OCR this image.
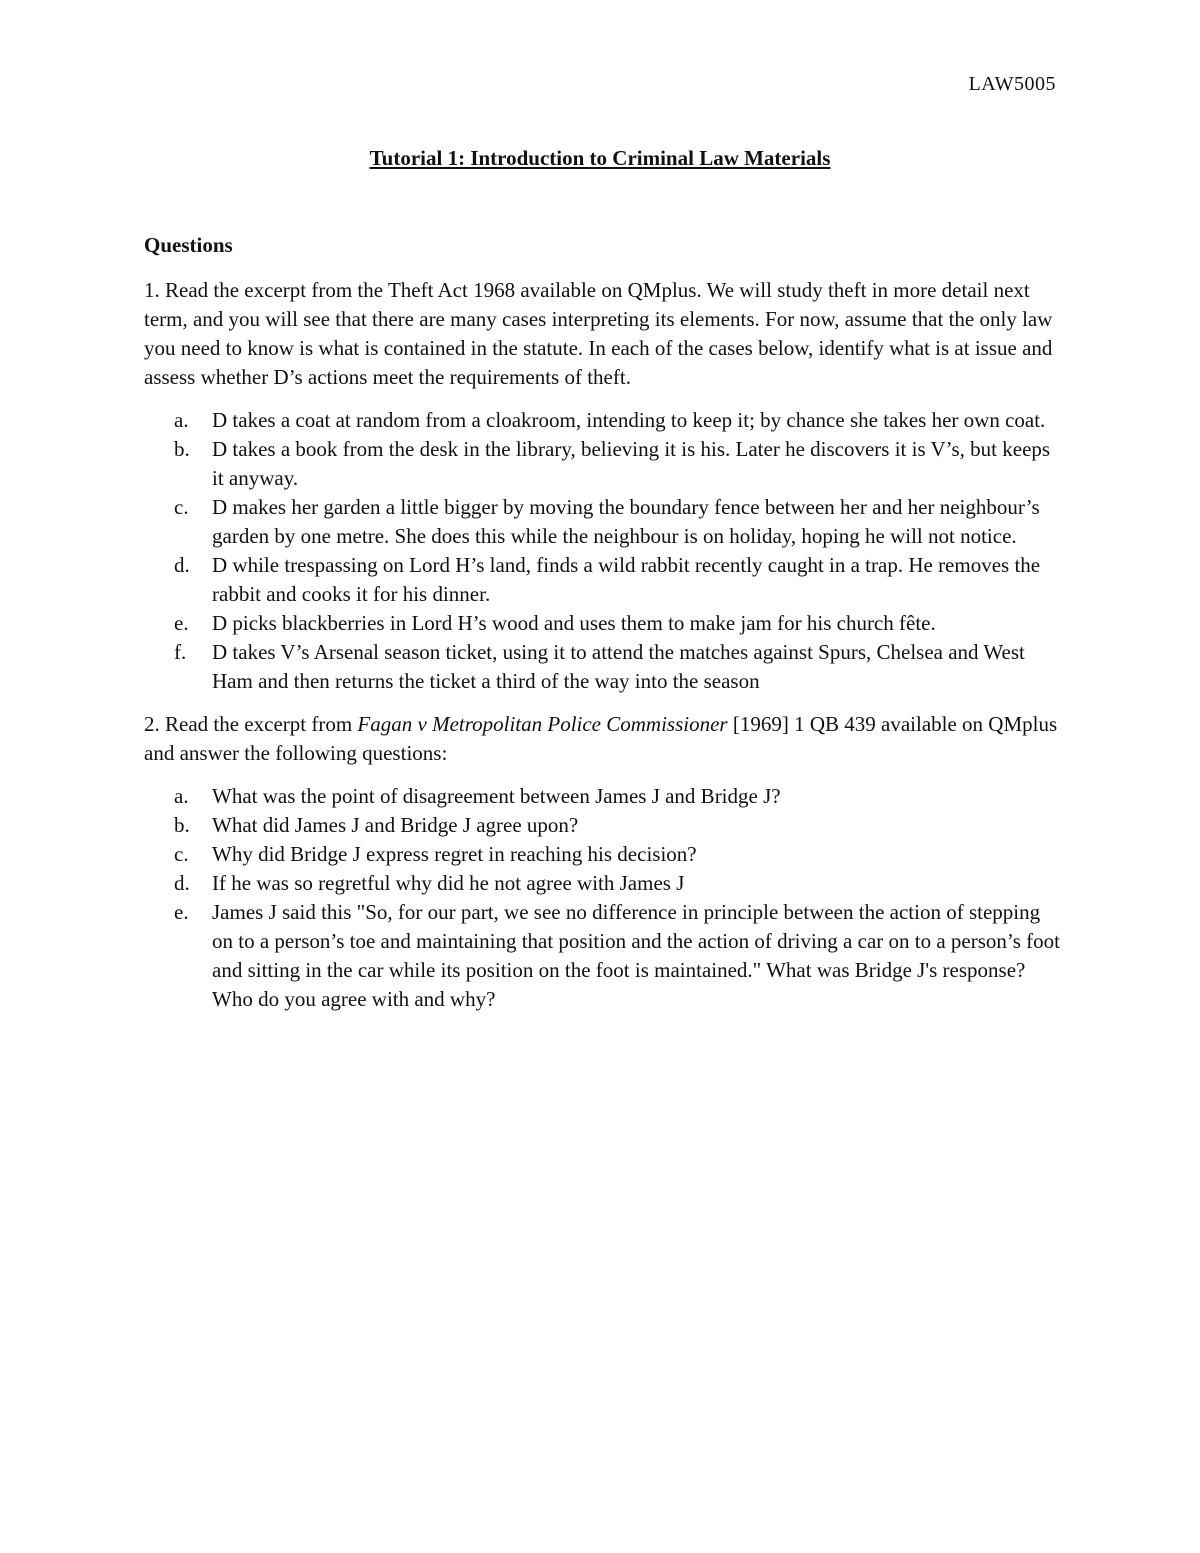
LAW5005
Tutorial 1: Introduction to Criminal Law Materials

Questions

1. Read the excerpt from the Theft Act 1968 available on QMplus. We will study theft in more detail next term, and you will see that there are many cases interpreting its elements. For now, assume that the only law you need to know is what is contained in the statute. In each of the cases below, identify what is at issue and assess whether D’s actions meet the requirements of theft.

a. D takes a coat at random from a cloakroom, intending to keep it; by chance she takes her own coat.
b. D takes a book from the desk in the library, believing it is his. Later he discovers it is V’s, but keeps it anyway.
c. D makes her garden a little bigger by moving the boundary fence between her and her neighbour’s garden by one metre. She does this while the neighbour is on holiday, hoping he will not notice.
d. D while trespassing on Lord H’s land, finds a wild rabbit recently caught in a trap. He removes the rabbit and cooks it for his dinner.
e. D picks blackberries in Lord H’s wood and uses them to make jam for his church fête.
f. D takes V’s Arsenal season ticket, using it to attend the matches against Spurs, Chelsea and West Ham and then returns the ticket a third of the way into the season

2. Read the excerpt from Fagan v Metropolitan Police Commissioner [1969] 1 QB 439 available on QMplus and answer the following questions:

a. What was the point of disagreement between James J and Bridge J?
b. What did James J and Bridge J agree upon?
c. Why did Bridge J express regret in reaching his decision?
d. If he was so regretful why did he not agree with James J
e. James J said this "So, for our part, we see no difference in principle between the action of stepping on to a person’s toe and maintaining that position and the action of driving a car on to a person’s foot and sitting in the car while its position on the foot is maintained." What was Bridge J's response? Who do you agree with and why?
